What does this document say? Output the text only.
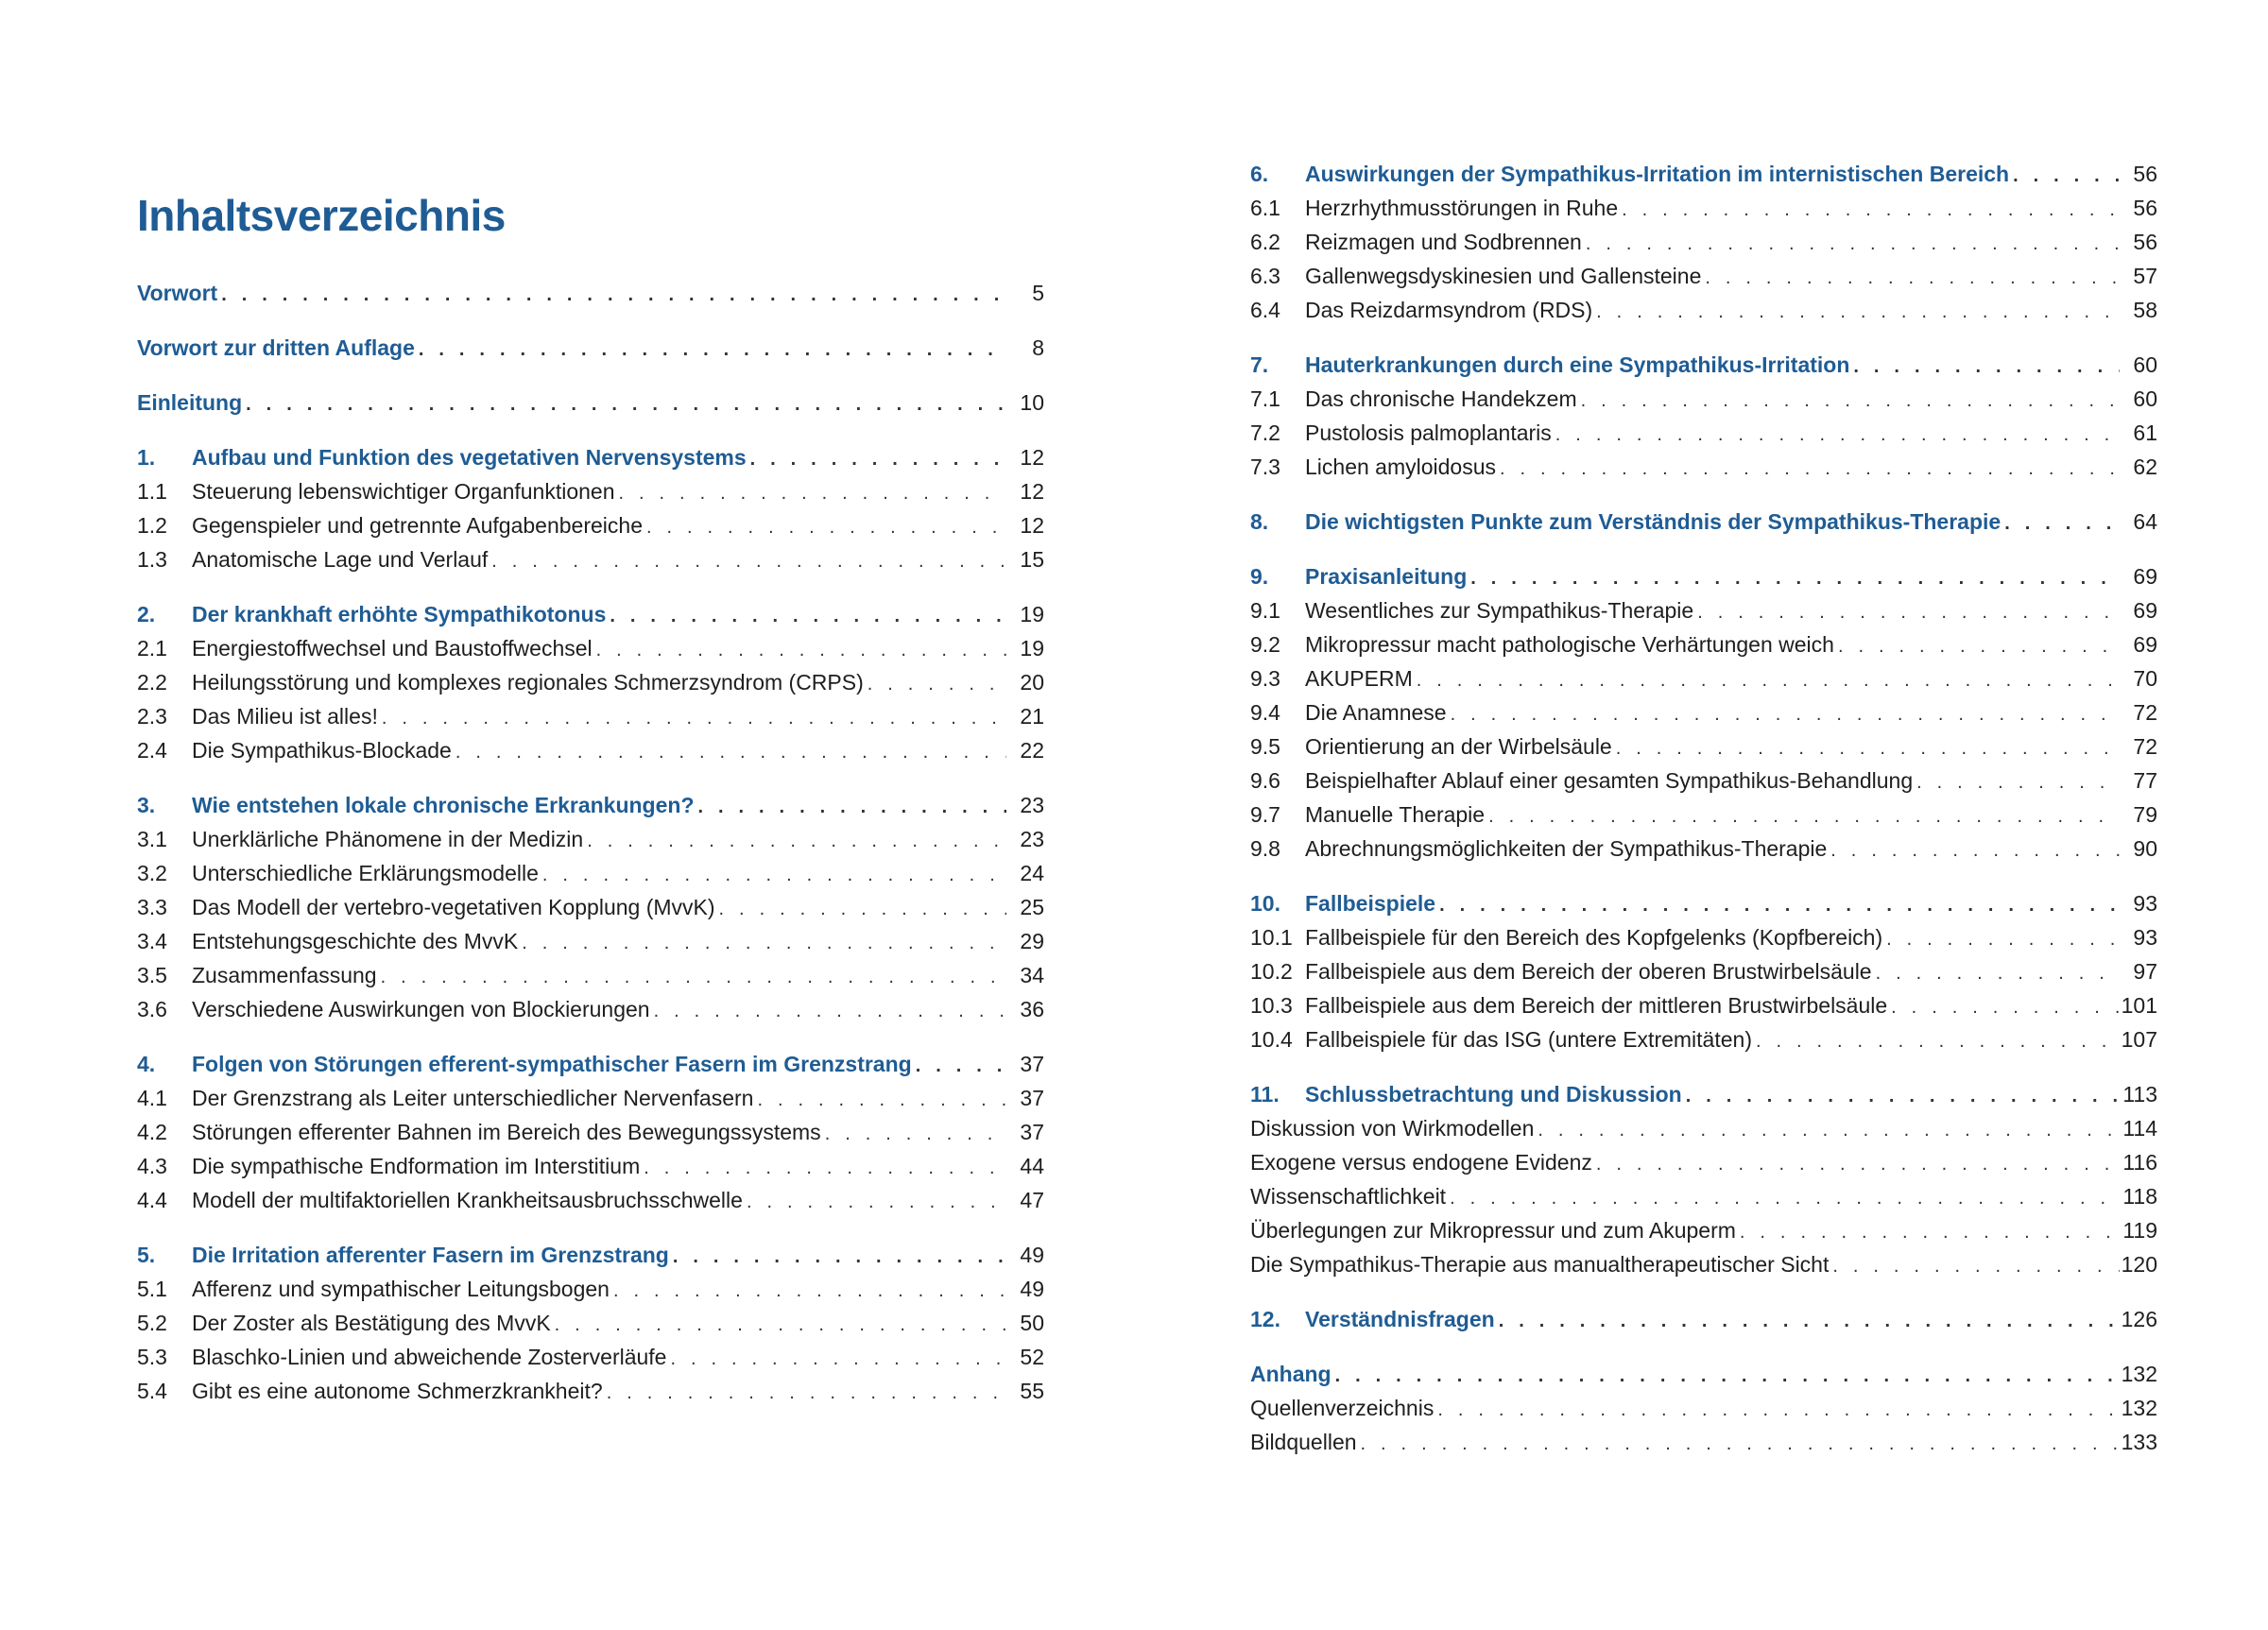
Inhaltsverzeichnis
Vorwort . . .	5
Vorwort zur dritten Auflage . . .	8
Einleitung . . .	10
1.	Aufbau und Funktion des vegetativen Nervensystems . . .	12
1.1	Steuerung lebenswichtiger Organfunktionen . . .	12
1.2	Gegenspieler und getrennte Aufgabenbereiche . . .	12
1.3	Anatomische Lage und Verlauf . . .	15
2.	Der krankhaft erhöhte Sympathikotonus . . .	19
2.1	Energiestoffwechsel und Baustoffwechsel . . .	19
2.2	Heilungsstörung und komplexes regionales Schmerzsyndrom (CRPS) . . .	20
2.3	Das Milieu ist alles! . . .	21
2.4	Die Sympathikus-Blockade . . .	22
3.	Wie entstehen lokale chronische Erkrankungen? . . .	23
3.1	Unerklärliche Phänomene in der Medizin . . .	23
3.2	Unterschiedliche Erklärungsmodelle . . .	24
3.3	Das Modell der vertebro-vegetativen Kopplung (MvvK) . . .	25
3.4	Entstehungsgeschichte des MvvK . . .	29
3.5	Zusammenfassung . . .	34
3.6	Verschiedene Auswirkungen von Blockierungen . . .	36
4.	Folgen von Störungen efferent-sympathischer Fasern im Grenzstrang . . .	37
4.1	Der Grenzstrang als Leiter unterschiedlicher Nervenfasern . . .	37
4.2	Störungen efferenter Bahnen im Bereich des Bewegungssystems . . .	37
4.3	Die sympathische Endformation im Interstitium . . .	44
4.4	Modell der multifaktoriellen Krankheitsausbruchsschwelle . . .	47
5.	Die Irritation afferenter Fasern im Grenzstrang . . .	49
5.1	Afferenz und sympathischer Leitungsbogen . . .	49
5.2	Der Zoster als Bestätigung des MvvK . . .	50
5.3	Blaschko-Linien und abweichende Zosterverläufe . . .	52
5.4	Gibt es eine autonome Schmerzkrankheit? . . .	55
6.	Auswirkungen der Sympathikus-Irritation im internistischen Bereich . . .	56
6.1	Herzrhythmusstörungen in Ruhe . . .	56
6.2	Reizmagen und Sodbrennen . . .	56
6.3	Gallenwegsdyskinesien und Gallensteine . . .	57
6.4	Das Reizdarmsyndrom (RDS) . . .	58
7.	Hauterkrankungen durch eine Sympathikus-Irritation . . .	60
7.1	Das chronische Handekzem . . .	60
7.2	Pustolosis palmoplantaris . . .	61
7.3	Lichen amyloidosus . . .	62
8.	Die wichtigsten Punkte zum Verständnis der Sympathikus-Therapie . . .	64
9.	Praxisanleitung . . .	69
9.1	Wesentliches zur Sympathikus-Therapie . . .	69
9.2	Mikropressur macht pathologische Verhärtungen weich . . .	69
9.3	AKUPERM . . .	70
9.4	Die Anamnese . . .	72
9.5	Orientierung an der Wirbelsäule . . .	72
9.6	Beispielhafter Ablauf einer gesamten Sympathikus-Behandlung . . .	77
9.7	Manuelle Therapie . . .	79
9.8	Abrechnungsmöglichkeiten der Sympathikus-Therapie . . .	90
10.	Fallbeispiele . . .	93
10.1 Fallbeispiele für den Bereich des Kopfgelenks (Kopfbereich) . . .	93
10.2 Fallbeispiele aus dem Bereich der oberen Brustwirbelsäule . . .	97
10.3 Fallbeispiele aus dem Bereich der mittleren Brustwirbelsäule . . .	101
10.4 Fallbeispiele für das ISG (untere Extremitäten) . . .	107
11.	Schlussbetrachtung und Diskussion . . .	113
Diskussion von Wirkmodellen . . .	114
Exogene versus endogene Evidenz . . .	116
Wissenschaftlichkeit . . .	118
Überlegungen zur Mikropressur und zum Akuperm . . .	119
Die Sympathikus-Therapie aus manualtherapeutischer Sicht . . .	120
12.	Verständnisfragen . . .	126
Anhang . . .	132
Quellenverzeichnis . . .	132
Bildquellen . . .	133
